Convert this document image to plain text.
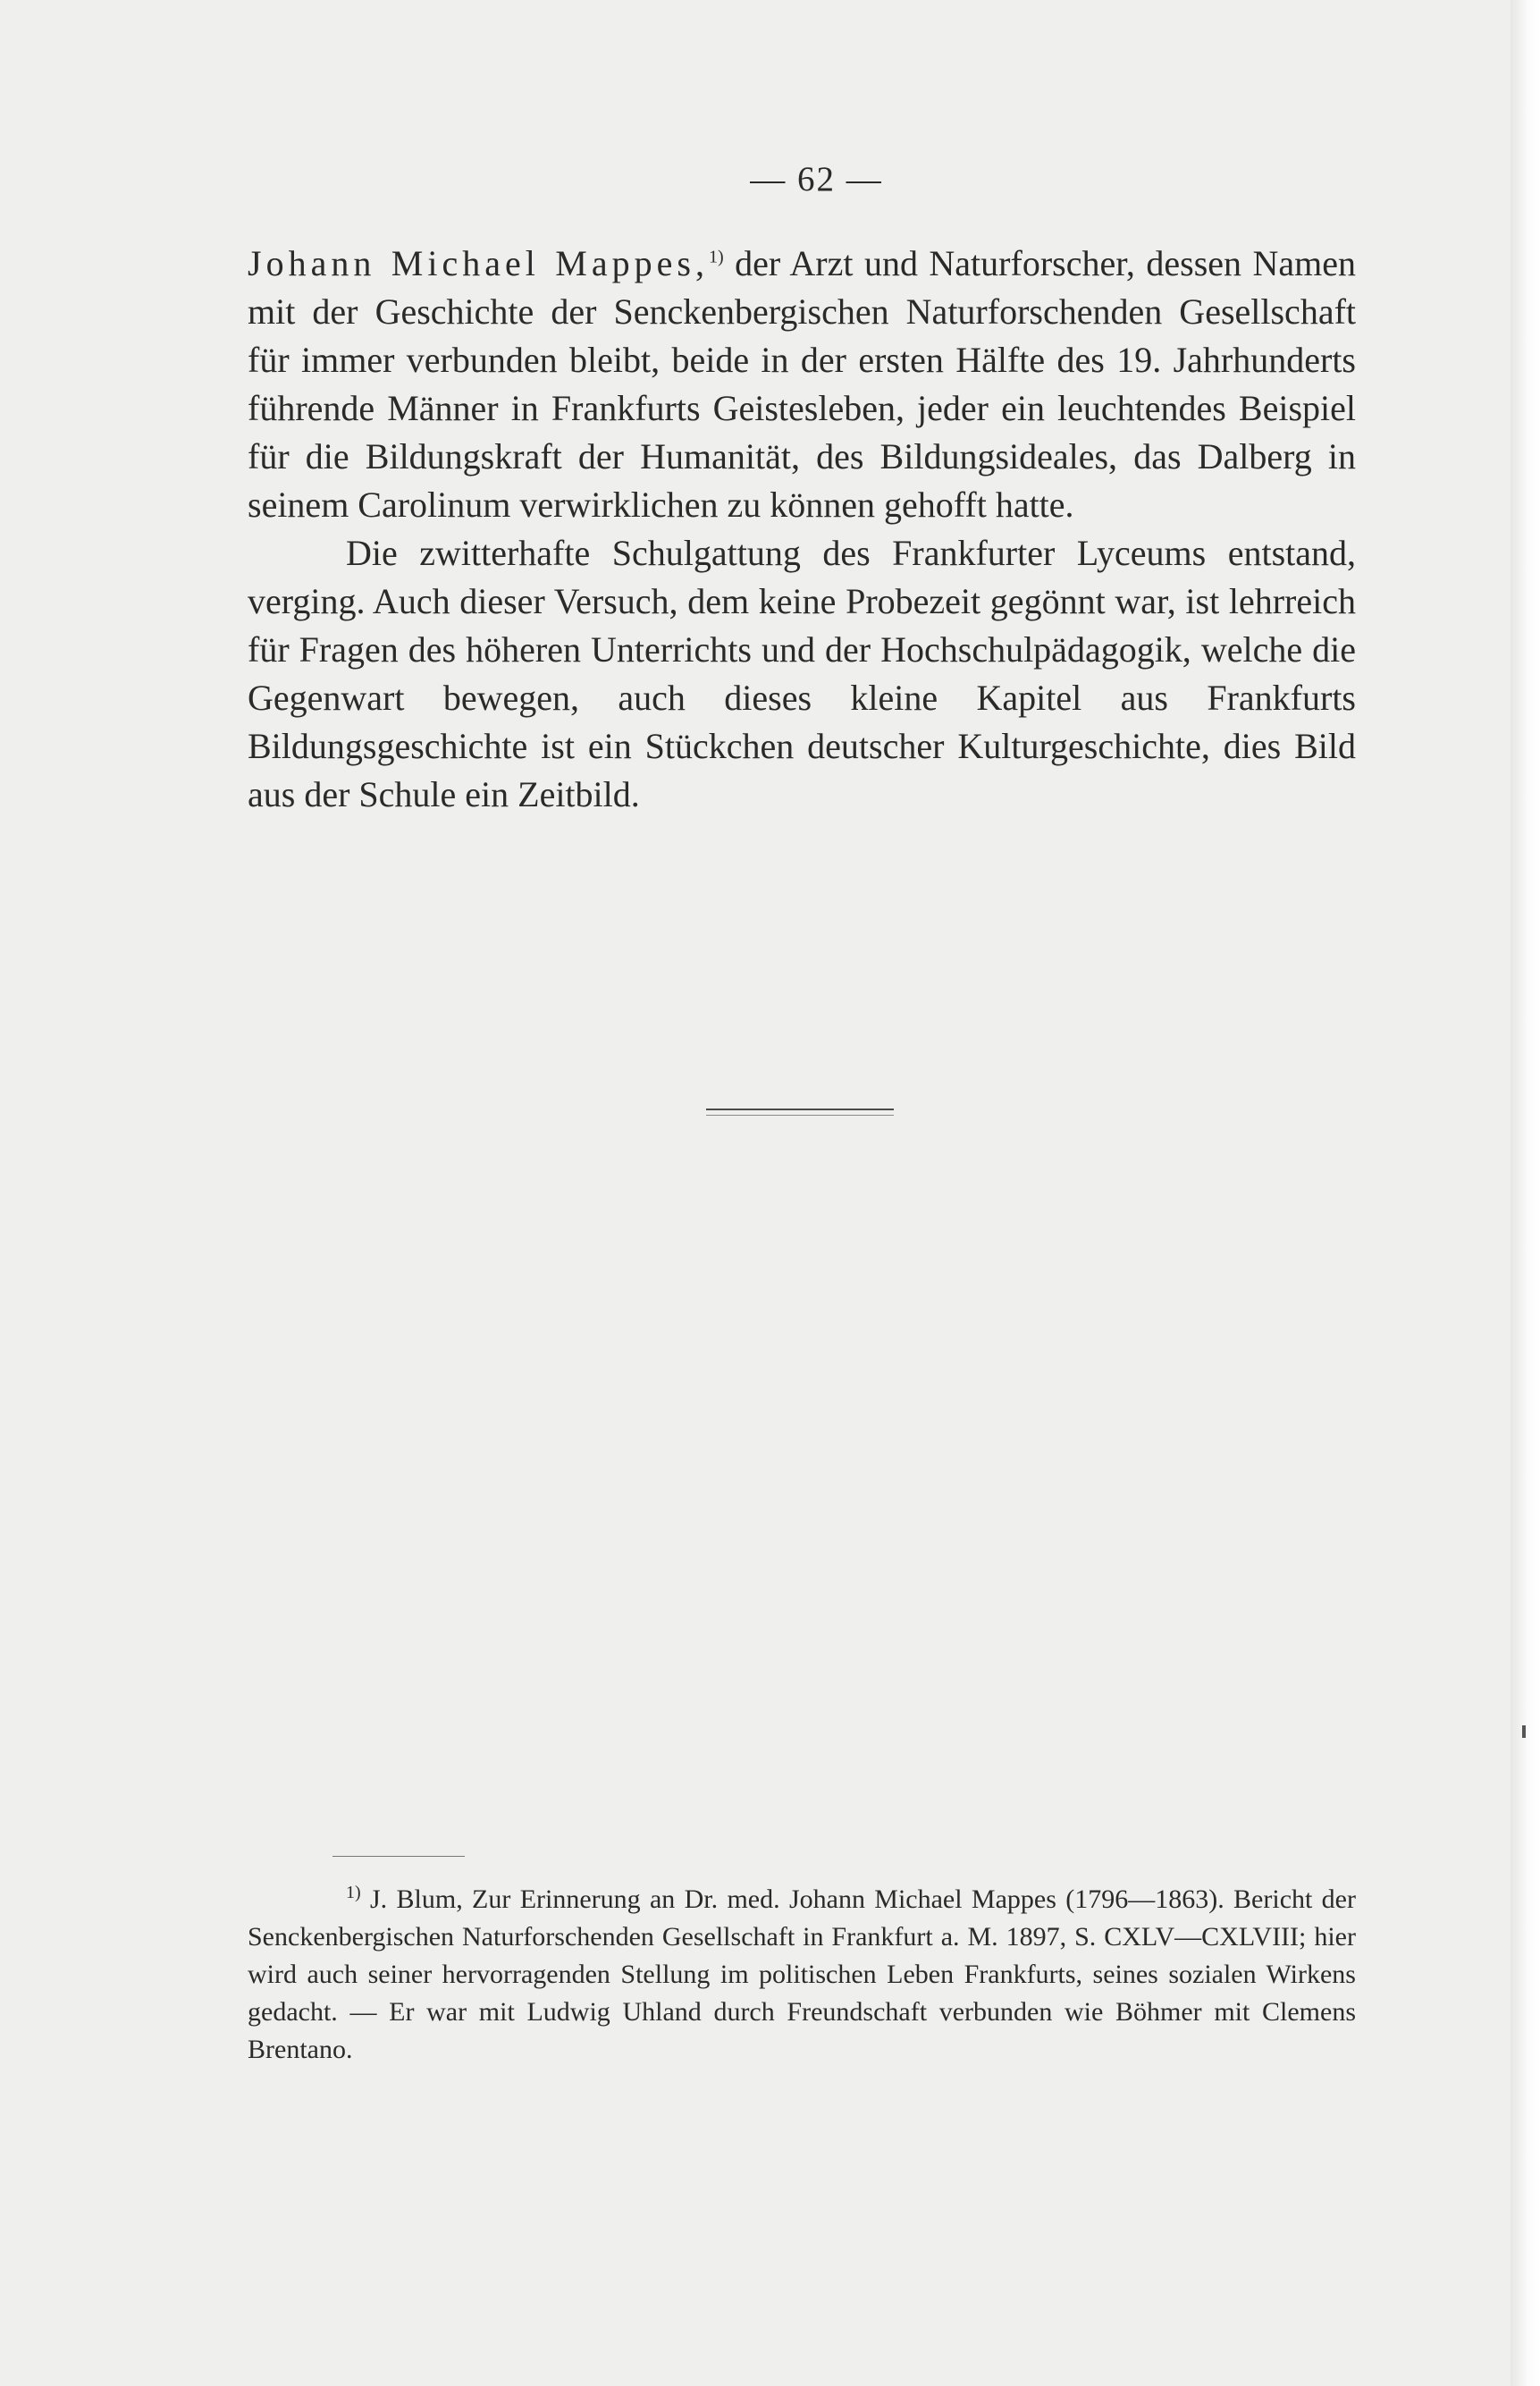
— 62 —

Johann Michael Mappes,$^{1)}$ der Arzt und Naturforscher, dessen Namen mit der Geschichte der Senckenbergischen Naturforschenden Gesellschaft für immer verbunden bleibt, beide in der ersten Hälfte des 19. Jahrhunderts führende Männer in Frankfurts Geistesleben, jeder ein leuchtendes Beispiel für die Bildungskraft der Humanität, des Bildungsideales, das Dalberg in seinem Carolinum verwirklichen zu können gehofft hatte.

Die zwitterhafte Schulgattung des Frankfurter Lyceums entstand, verging. Auch dieser Versuch, dem keine Probezeit gegönnt war, ist lehrreich für Fragen des höheren Unterrichts und der Hochschulpädagogik, welche die Gegenwart bewegen, auch dieses kleine Kapitel aus Frankfurts Bildungsgeschichte ist ein Stückchen deutscher Kulturgeschichte, dies Bild aus der Schule ein Zeitbild.

$^{1)}$ J. Blum, Zur Erinnerung an Dr. med. Johann Michael Mappes (1796—1863). Bericht der Senckenbergischen Naturforschenden Gesellschaft in Frankfurt a. M. 1897, S. CXLV—CXLVIII; hier wird auch seiner hervorragenden Stellung im politischen Leben Frankfurts, seines sozialen Wirkens gedacht. — Er war mit Ludwig Uhland durch Freundschaft verbunden wie Böhmer mit Clemens Brentano.
